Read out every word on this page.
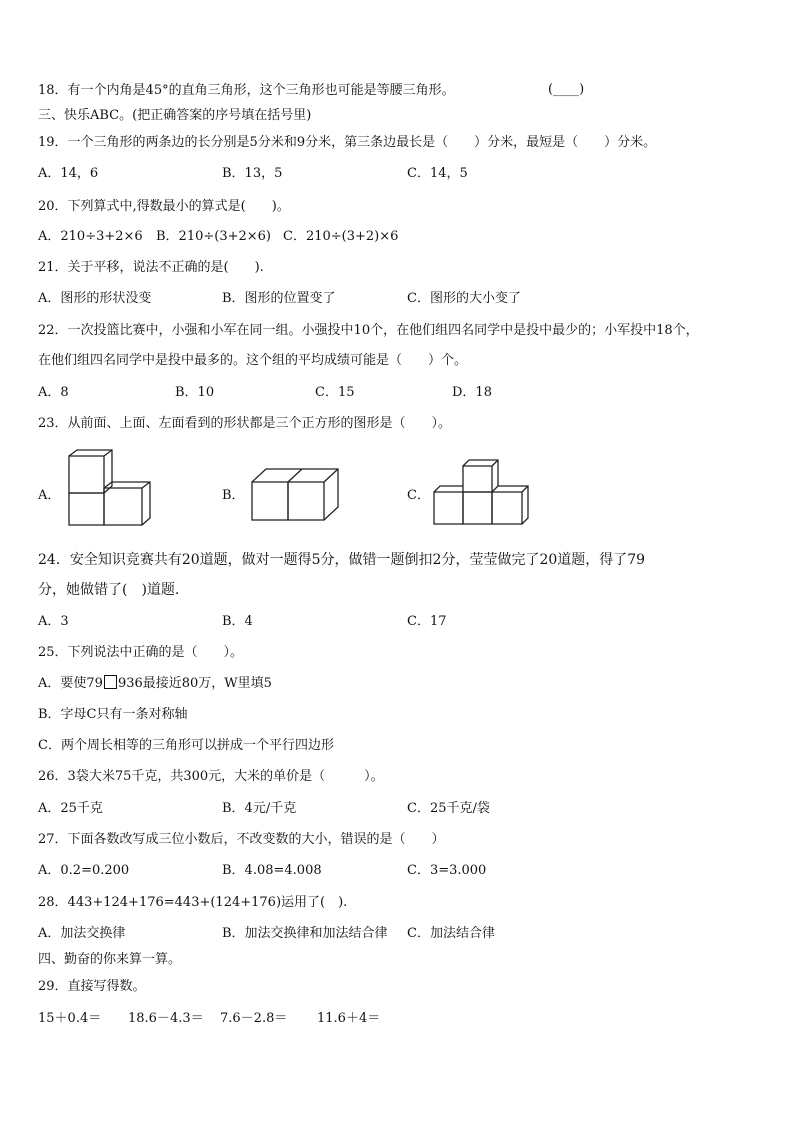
18．有一个内角是45°的直角三角形，这个三角形也可能是等腰三角形。	(____)
三、快乐ABC。(把正确答案的序号填在括号里)
19．一个三角形的两条边的长分别是5分米和9分米，第三条边最长是（　　）分米，最短是（　　）分米。
A．14，6	B．13，5	C．14，5
20．下列算式中,得数最小的算式是(　　)。
A．210÷3+2×6 B．210÷(3+2×6) C．210÷(3+2)×6
21．关于平移，说法不正确的是(　　).
A．图形的形状没变	B．图形的位置变了	C．图形的大小变了
22．一次投篮比赛中，小强和小军在同一组。小强投中10个，在他们组四名同学中是投中最少的；小军投中18个，
在他们组四名同学中是投中最多的。这个组的平均成绩可能是（　　）个。
A．8	B．10	C．15	D．18
23．从前面、上面、左面看到的形状都是三个正方形的图形是（　　）。
A．	B．	C．
24．安全知识竞赛共有20道题，做对一题得5分，做错一题倒扣2分，莹莹做完了20道题，得了79
分，她做错了(　)道题.
A．3	B．4	C．17
25．下列说法中正确的是（　　）。
A．要使79 936最接近80万，W里填5
B．字母C只有一条对称轴
C．两个周长相等的三角形可以拼成一个平行四边形
26．3袋大米75千克，共300元，大米的单价是（　　　）。
A．25千克	B．4元/千克	C．25千克/袋
27．下面各数改写成三位小数后，不改变数的大小，错误的是（　　）
A．0.2=0.200	B．4.08=4.008	C．3=3.000
28．443+124+176=443+(124+176)运用了(　).
A．加法交换律	B．加法交换律和加法结合律 C．加法结合律
四、勤奋的你来算一算。
29．直接写得数。
15＋0.4＝ 18.6－4.3＝ 7.6－2.8＝ 11.6＋4＝
